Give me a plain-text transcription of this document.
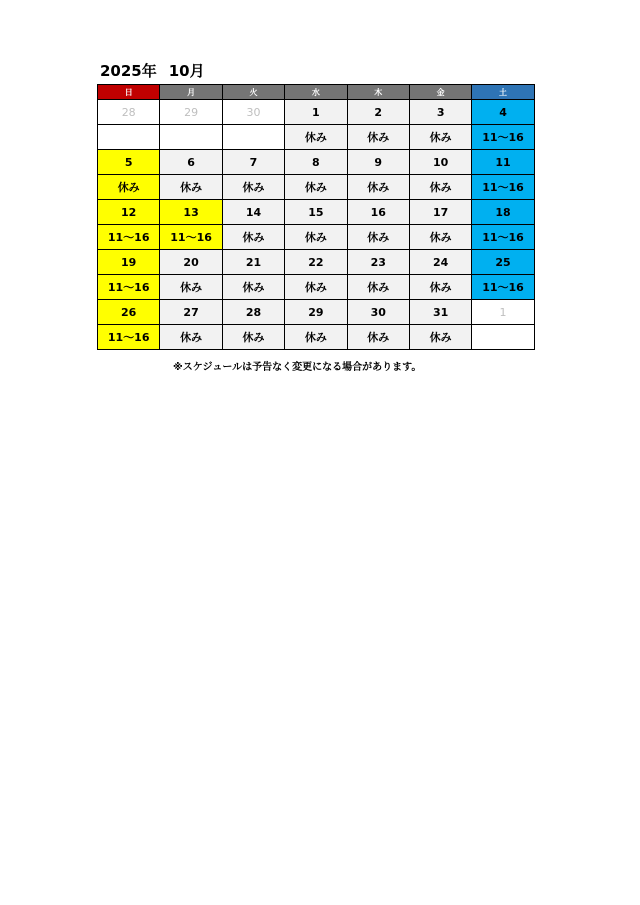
2025年 10月
日	月	火	水	木	金	土
28	29	30	1	2	3	4
			休み	休み	休み	11～16
5	6	7	8	9	10	11
休み	休み	休み	休み	休み	休み	11～16
12	13	14	15	16	17	18
11～16	11～16	休み	休み	休み	休み	11～16
19	20	21	22	23	24	25
11～16	休み	休み	休み	休み	休み	11～16
26	27	28	29	30	31	1
11～16	休み	休み	休み	休み	休み	
※スケジュールは予告なく変更になる場合があります。
